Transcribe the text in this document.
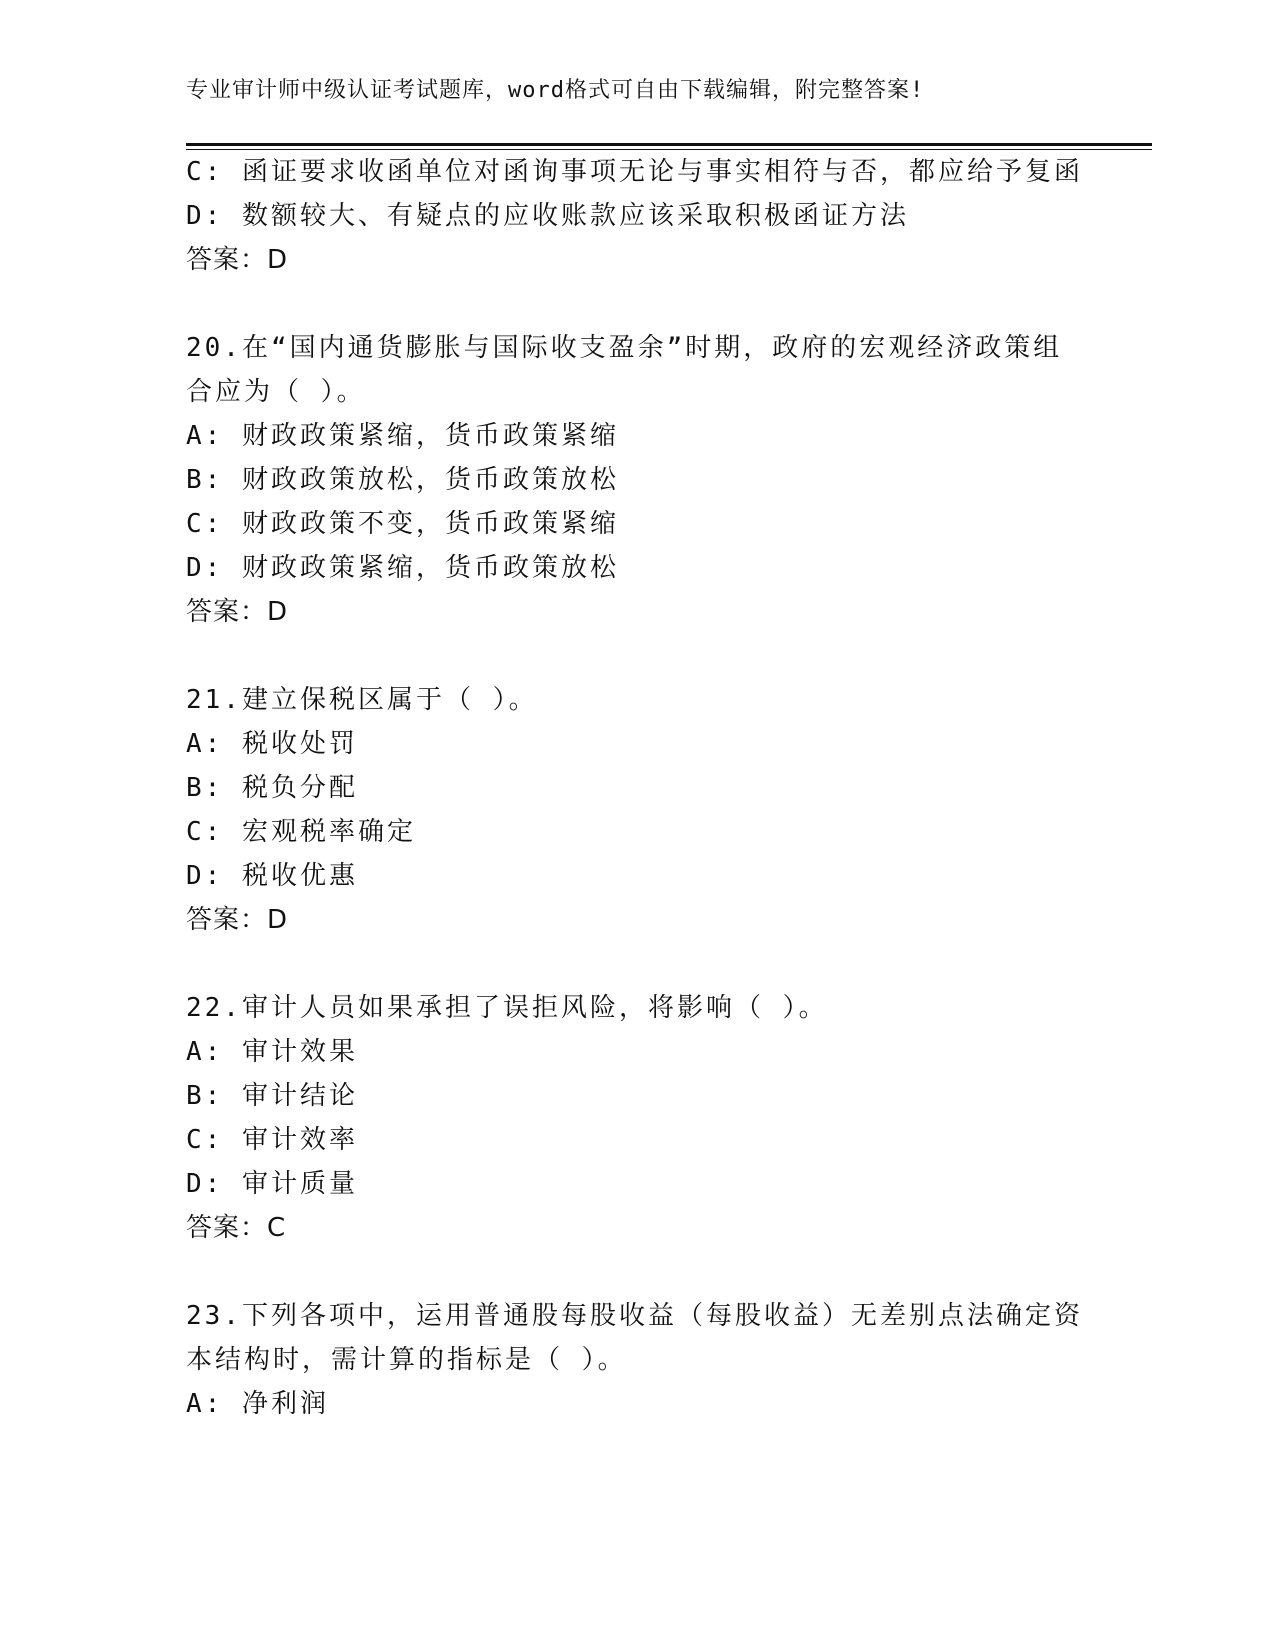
专业审计师中级认证考试题库，word格式可自由下载编辑，附完整答案!
C: 函证要求收函单位对函询事项无论与事实相符与否，都应给予复函
D: 数额较大、有疑点的应收账款应该采取积极函证方法
答案：D
20.在“国内通货膨胀与国际收支盈余”时期，政府的宏观经济政策组
合应为（ ）。
A: 财政政策紧缩，货币政策紧缩
B: 财政政策放松，货币政策放松
C: 财政政策不变，货币政策紧缩
D: 财政政策紧缩，货币政策放松
答案：D
21.建立保税区属于（ ）。
A: 税收处罚
B: 税负分配
C: 宏观税率确定
D: 税收优惠
答案：D
22.审计人员如果承担了误拒风险，将影响（ ）。
A: 审计效果
B: 审计结论
C: 审计效率
D: 审计质量
答案：C
23.下列各项中，运用普通股每股收益（每股收益）无差别点法确定资
本结构时，需计算的指标是（ ）。
A: 净利润
